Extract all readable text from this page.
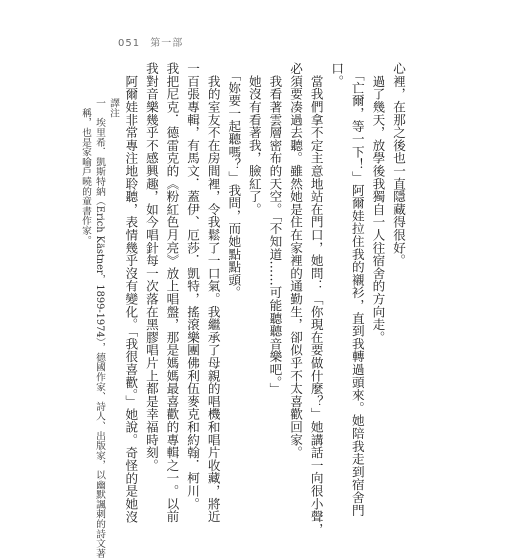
051 第一部
心裡，在那之後也一直隱藏得很好。
　過了幾天，放學後我獨自一人往宿舍的方向走。
　「亡爾，等一下！」阿爾娃拉住我的襯衫，直到我轉過頭來。她陪我走到宿舍門
口。
　當我們拿不定主意地站在門口，她問：「你現在要做什麼？」她講話一向很小聲，
必須要凑過去聽。雖然她是住在家裡的通勤生，卻似乎不太喜歡回家。
　我看著雲層密布的天空。「不知道……可能聽聽音樂吧。」
　她沒有看著我，臉紅了。
　「妳要一起聽嗎？」我問，而她點點頭。
　我的室友不在房間裡，令我鬆了一口氣。我繼承了母親的唱機和唱片收藏，將近
一百張專輯，有馬文．蓋伊、厄莎．凱特，搖滾樂團佛利伍麥克和約翰．柯川。
我把尼克．德雷克的《粉紅色月亮》放上唱盤，那是媽媽最喜歡的專輯之一。以前
我對音樂幾乎不感興趣，如今唱針每一次落在黑膠唱片上都是幸福時刻。
　阿爾娃非常專注地聆聽，表情幾乎沒有變化。「我很喜歡。」她說。奇怪的是她沒
譯注
一　埃里希．凱斯特納（Erich Kästner，1899-1974），德國作家、詩人、出版家，以幽默諷刺的詩文著
　稱，也是家喻戶曉的童書作家。
